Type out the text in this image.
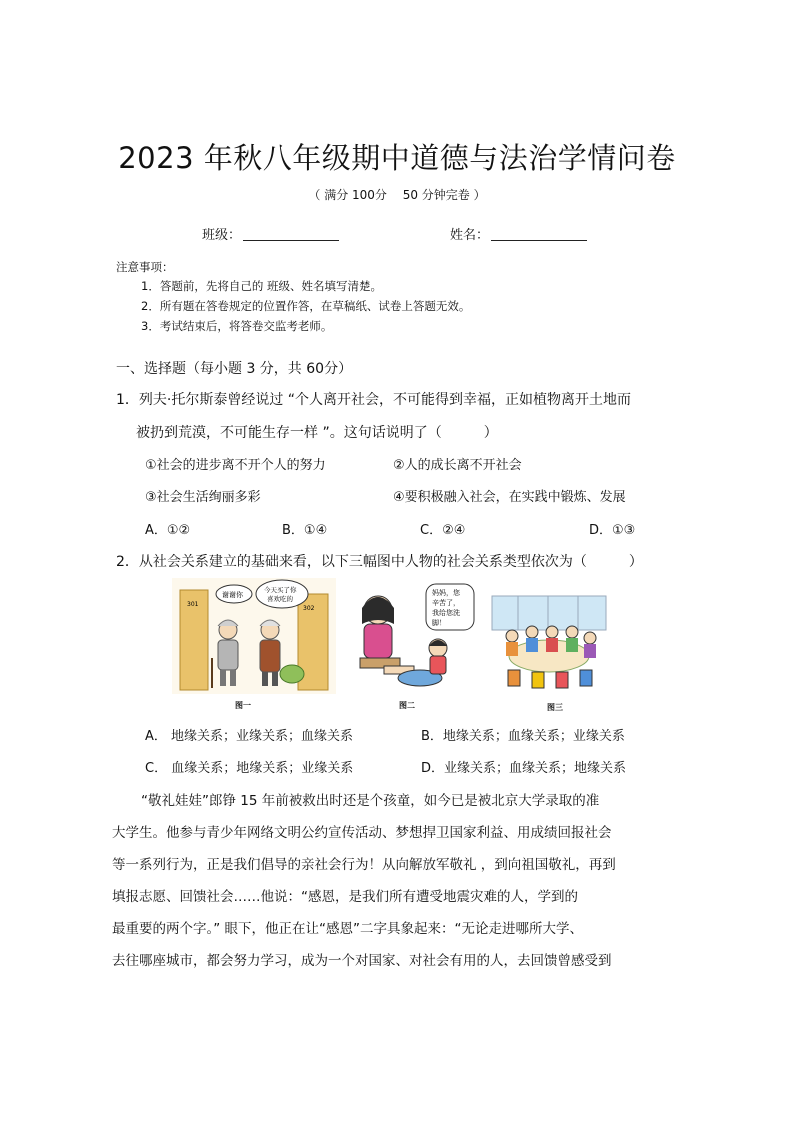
2023 年秋八年级期中道德与法治学情问卷
（ 满分 100分　 50 分钟完卷 ）
班级：	姓名：
注意事项：
1．答题前，先将自己的 班级、姓名填写清楚。
2．所有题在答卷规定的位置作答，在草稿纸、试卷上答题无效。
3．考试结束后，将答卷交监考老师。
一、选择题（每小题 3 分，共 60分）
1．列夫·托尔斯泰曾经说过 “个人离开社会，不可能得到幸福，正如植物离开土地而
被扔到荒漠，不可能生存一样 ”。这句话说明了（　　　）
①社会的进步离不开个人的努力	②人的成长离不开社会
③社会生活绚丽多彩	④要积极融入社会，在实践中锻炼、发展
A．①②	B．①④	C．②④	D．①③
2．从社会关系建立的基础来看，以下三幅图中人物的社会关系类型依次为（　　　）
301
302
谢谢你
今天买了你
喜欢吃的
图一
妈妈，您
辛苦了，
我给您洗
脚！
图二	图三
A． 地缘关系；业缘关系；血缘关系	B．地缘关系；血缘关系；业缘关系
C． 血缘关系；地缘关系；业缘关系	D．业缘关系；血缘关系；地缘关系
“敬礼娃娃”郎铮 15 年前被救出时还是个孩童，如今已是被北京大学录取的准
大学生。他参与青少年网络文明公约宣传活动、梦想捍卫国家利益、用成绩回报社会
等一系列行为，正是我们倡导的亲社会行为！从向解放军敬礼 ，到向祖国敬礼，再到
填报志愿、回馈社会……他说：“感恩，是我们所有遭受地震灾难的人，学到的
最重要的两个字。” 眼下，他正在让“感恩”二字具象起来：“无论走进哪所大学、
去往哪座城市，都会努力学习，成为一个对国家、对社会有用的人，去回馈曾感受到
